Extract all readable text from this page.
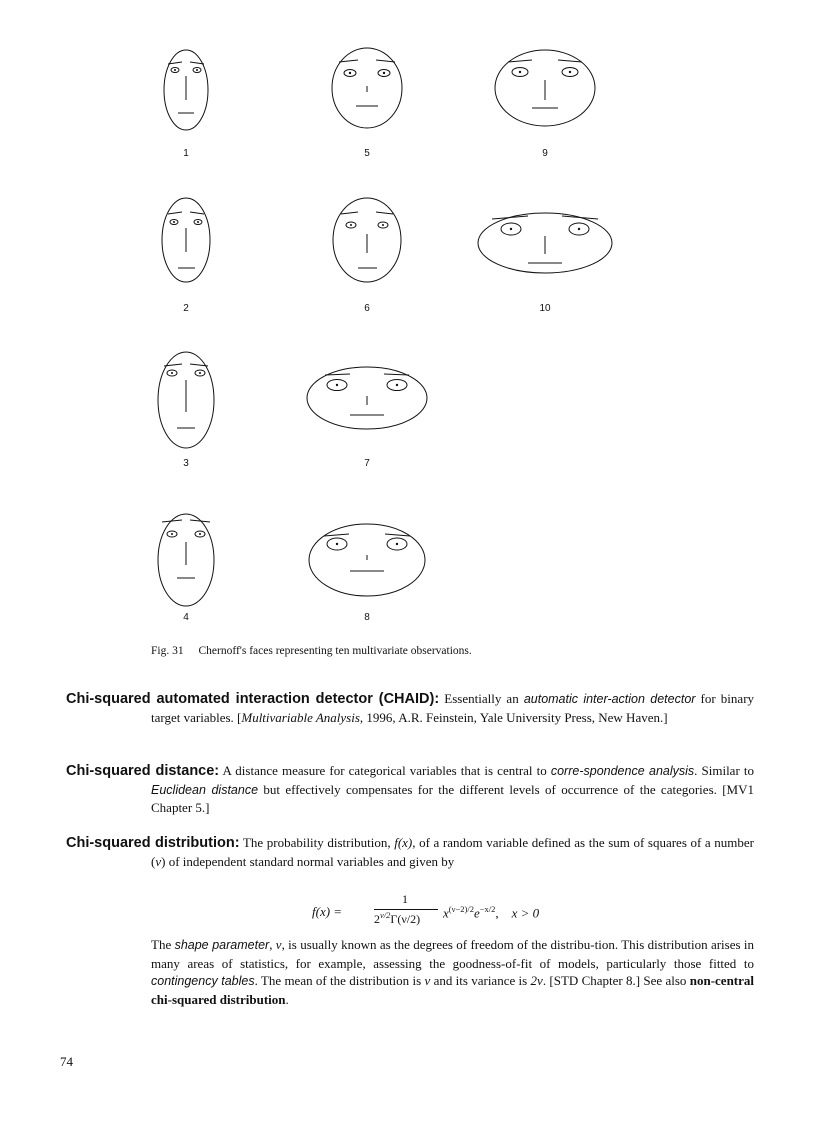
1
2
3
4
5
6
7
8
9
10
Fig. 31 Chernoff's faces representing ten multivariate observations.

Chi-squared automated interaction detector (CHAID): Essentially an automatic inter-action detector for binary target variables. [Multivariable Analysis, 1996, A.R. Feinstein, Yale University Press, New Haven.]

Chi-squared distance: A distance measure for categorical variables that is central to corre-spondence analysis. Similar to Euclidean distance but effectively compensates for the different levels of occurrence of the categories. [MV1 Chapter 5.]

Chi-squared distribution: The probability distribution, f(x), of a random variable defined as the sum of squares of a number (ν) of independent standard normal variables and given by

f(x) =
1
$2^{\nu/2}\Gamma(\nu/2)$ $x^{(\nu-2)/2}e^{-x/2}$, x > 0

The shape parameter, ν, is usually known as the degrees of freedom of the distribu-tion. This distribution arises in many areas of statistics, for example, assessing the goodness-of-fit of models, particularly those fitted to contingency tables. The mean of the distribution is v and its variance is 2v. [STD Chapter 8.] See also non-central chi-squared distribution.

74
